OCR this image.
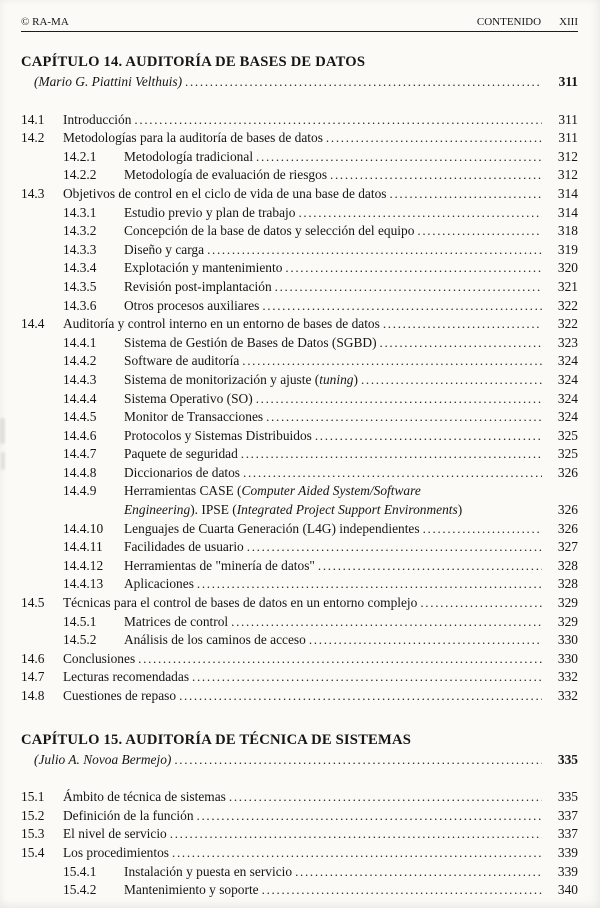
© RA-MA	CONTENIDO XIII
CAPÍTULO 14. AUDITORÍA DE BASES DE DATOS
(Mario G. Piattini Velthuis) .....	311
14.1	Introducción .....	311
14.2	Metodologías para la auditoría de bases de datos .....	311
14.2.1	Metodología tradicional .....	312
14.2.2	Metodología de evaluación de riesgos .....	312
14.3	Objetivos de control en el ciclo de vida de una base de datos .....	314
14.3.1	Estudio previo y plan de trabajo .....	314
14.3.2	Concepción de la base de datos y selección del equipo .....	318
14.3.3	Diseño y carga .....	319
14.3.4	Explotación y mantenimiento .....	320
14.3.5	Revisión post-implantación .....	321
14.3.6	Otros procesos auxiliares .....	322
14.4	Auditoría y control interno en un entorno de bases de datos .....	322
14.4.1	Sistema de Gestión de Bases de Datos (SGBD) .....	323
14.4.2	Software de auditoría .....	324
14.4.3	Sistema de monitorización y ajuste (tuning) .....	324
14.4.4	Sistema Operativo (SO) .....	324
14.4.5	Monitor de Transacciones .....	324
14.4.6	Protocolos y Sistemas Distribuidos .....	325
14.4.7	Paquete de seguridad .....	325
14.4.8	Diccionarios de datos .....	326
14.4.9	Herramientas CASE (Computer Aided System/Software
Engineering). IPSE (Integrated Project Support Environments)	326
14.4.10	Lenguajes de Cuarta Generación (L4G) independientes .....	326
14.4.11	Facilidades de usuario .....	327
14.4.12	Herramientas de "minería de datos" .....	328
14.4.13	Aplicaciones .....	328
14.5	Técnicas para el control de bases de datos en un entorno complejo .....	329
14.5.1	Matrices de control .....	329
14.5.2	Análisis de los caminos de acceso .....	330
14.6	Conclusiones .....	330
14.7	Lecturas recomendadas .....	332
14.8	Cuestiones de repaso .....	332
CAPÍTULO 15. AUDITORÍA DE TÉCNICA DE SISTEMAS
(Julio A. Novoa Bermejo) .....	335
15.1	Ámbito de técnica de sistemas .....	335
15.2	Definición de la función .....	337
15.3	El nivel de servicio .....	337
15.4	Los procedimientos .....	339
15.4.1	Instalación y puesta en servicio .....	339
15.4.2	Mantenimiento y soporte .....	340
